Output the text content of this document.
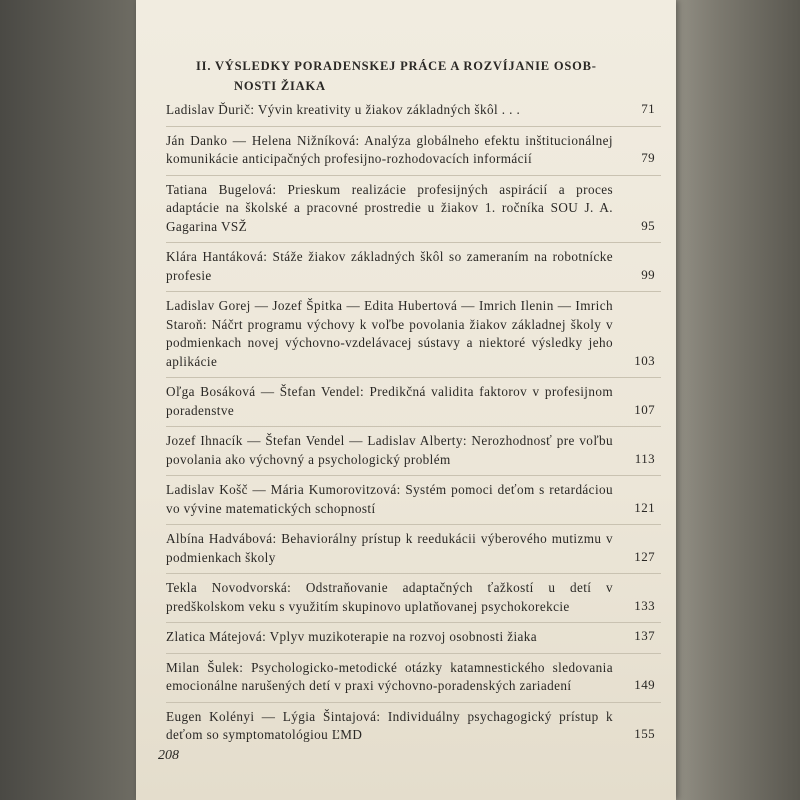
II. VÝSLEDKY PORADENSKEJ PRÁCE A ROZVÍJANIE OSOB-
NOSTI ŽIAKA
Ladislav Ďurič: Vývin kreativity u žiakov základných škôl . . .	71
Ján Danko — Helena Nižníková: Analýza globálneho efektu inštitucionálnej komunikácie anticipačných profesijno-rozhodovacích informácií	79
Tatiana Bugelová: Prieskum realizácie profesijných aspirácií a proces adaptácie na školské a pracovné prostredie u žiakov 1. ročníka SOU J. A. Gagarina VSŽ	95
Klára Hantáková: Stáže žiakov základných škôl so zameraním na robotnícke profesie	99
Ladislav Gorej — Jozef Špitka — Edita Hubertová — Imrich Ilenin — Imrich Staroň: Náčrt programu výchovy k voľbe povolania žiakov základnej školy v podmienkach novej výchovno-vzdelávacej sústavy a niektoré výsledky jeho aplikácie	103
Oľga Bosáková — Štefan Vendel: Predikčná validita faktorov v profesijnom poradenstve	107
Jozef Ihnacík — Štefan Vendel — Ladislav Alberty: Nerozhodnosť pre voľbu povolania ako výchovný a psychologický problém	113
Ladislav Košč — Mária Kumorovitzová: Systém pomoci deťom s retardáciou vo vývine matematických schopností	121
Albína Hadvábová: Behaviorálny prístup k reedukácii výberového mutizmu v podmienkach školy	127
Tekla Novodvorská: Odstraňovanie adaptačných ťažkostí u detí v predškolskom veku s využitím skupinovo uplatňovanej psychokorekcie	133
Zlatica Mátejová: Vplyv muzikoterapie na rozvoj osobnosti žiaka	137
Milan Šulek: Psychologicko-metodické otázky katamnestického sledovania emocionálne narušených detí v praxi výchovno-poradenských zariadení	149
Eugen Kolényi — Lýgia Šintajová: Individuálny psychagogický prístup k deťom so symptomatológiou ĽMD	155
208
